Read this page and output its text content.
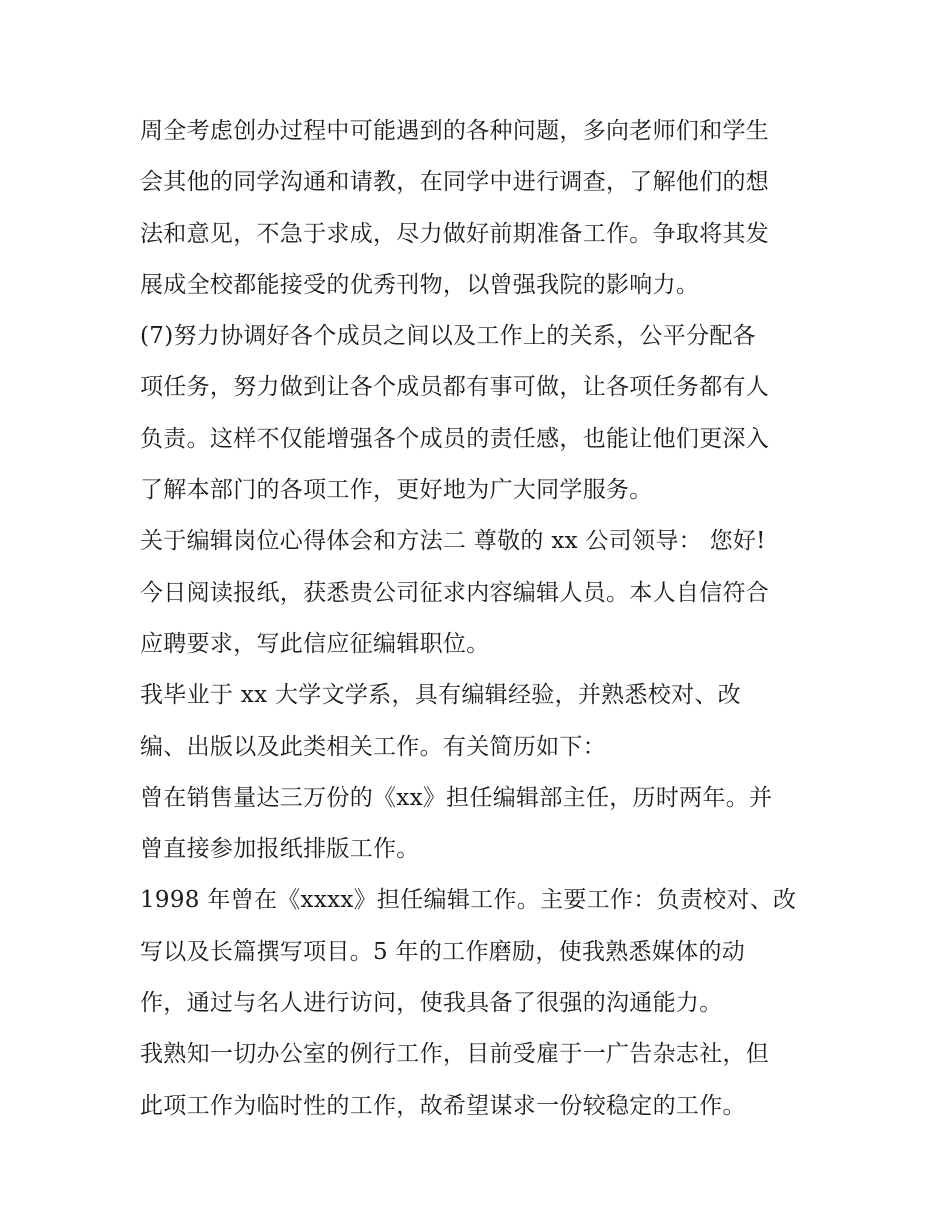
周全考虑创办过程中可能遇到的各种问题，多向老师们和学生
会其他的同学沟通和请教，在同学中进行调查，了解他们的想
法和意见，不急于求成，尽力做好前期准备工作。争取将其发
展成全校都能接受的优秀刊物，以曾强我院的影响力。
(7)努力协调好各个成员之间以及工作上的关系，公平分配各
项任务，努力做到让各个成员都有事可做，让各项任务都有人
负责。这样不仅能增强各个成员的责任感，也能让他们更深入
了解本部门的各项工作，更好地为广大同学服务。
关于编辑岗位心得体会和方法二 尊敬的 xx 公司领导： 您好!
今日阅读报纸，获悉贵公司征求内容编辑人员。本人自信符合
应聘要求，写此信应征编辑职位。
我毕业于 xx 大学文学系，具有编辑经验，并熟悉校对、改
编、出版以及此类相关工作。有关简历如下：
曾在销售量达三万份的《xx》担任编辑部主任，历时两年。并
曾直接参加报纸排版工作。
1998 年曾在《xxxx》担任编辑工作。主要工作：负责校对、改
写以及长篇撰写项目。5 年的工作磨励，使我熟悉媒体的动
作，通过与名人进行访问，使我具备了很强的沟通能力。
我熟知一切办公室的例行工作，目前受雇于一广告杂志社，但
此项工作为临时性的工作，故希望谋求一份较稳定的工作。
